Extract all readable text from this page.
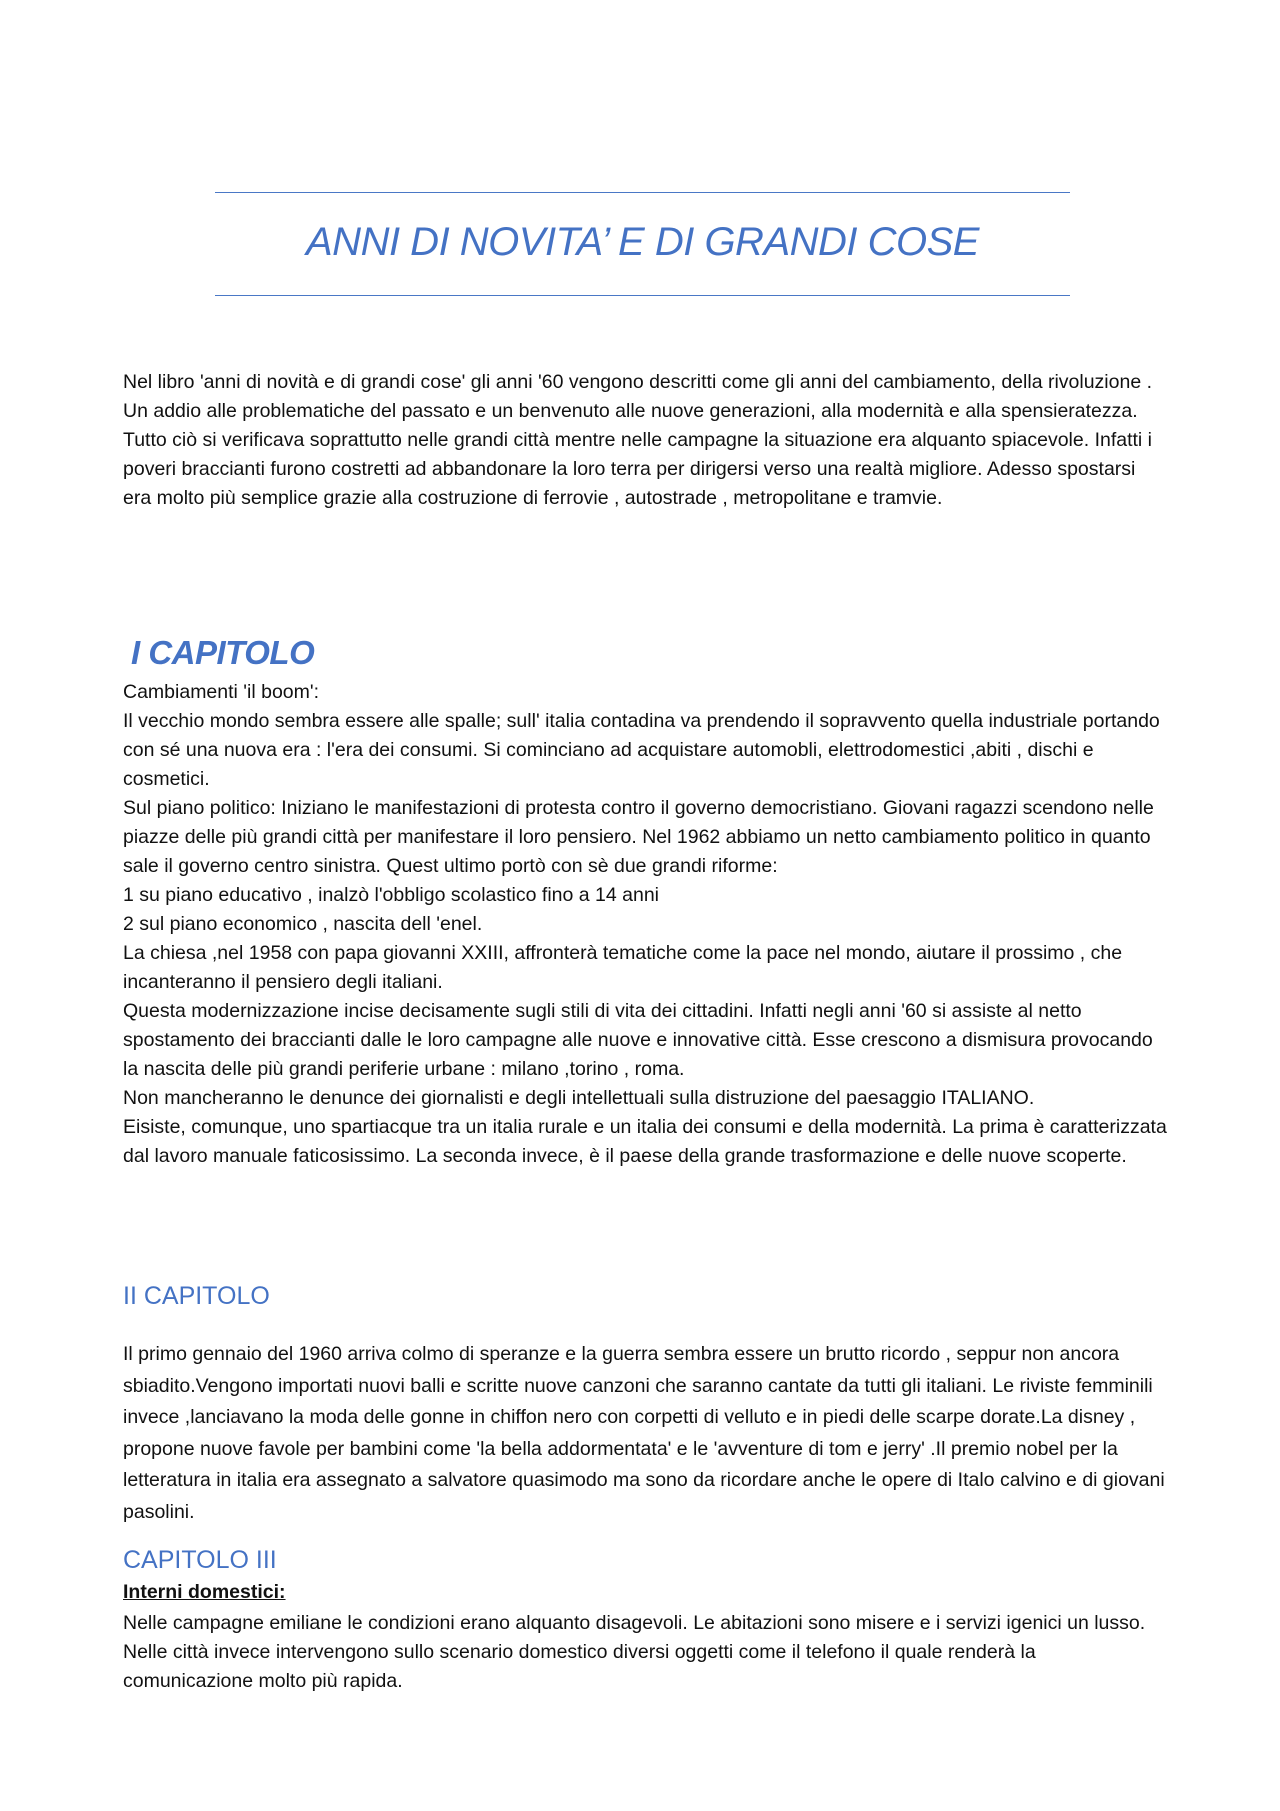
ANNI DI NOVITA’ E DI GRANDI COSE

Nel libro 'anni di novità e di grandi cose' gli anni '60 vengono descritti come gli anni del cambiamento, della rivoluzione . Un addio alle problematiche del passato e un benvenuto alle nuove generazioni, alla modernità e alla spensieratezza. Tutto ciò si verificava soprattutto nelle grandi città mentre nelle campagne la situazione era alquanto spiacevole. Infatti i poveri braccianti furono costretti ad abbandonare la loro terra per dirigersi verso una realtà migliore. Adesso spostarsi era molto più semplice grazie alla costruzione di ferrovie , autostrade , metropolitane e tramvie.

I CAPITOLO

Cambiamenti 'il boom':

Il vecchio mondo sembra essere alle spalle; sull' italia contadina va prendendo il sopravvento quella industriale portando con sé una nuova era : l'era dei consumi. Si cominciano ad acquistare automobli, elettrodomestici ,abiti , dischi e cosmetici.

Sul piano politico: Iniziano le manifestazioni di protesta contro il governo democristiano. Giovani ragazzi scendono nelle piazze delle più grandi città per manifestare il loro pensiero. Nel 1962 abbiamo un netto cambiamento politico in quanto sale il governo centro sinistra. Quest ultimo portò con sè due grandi riforme:

1 su piano educativo , inalzò l'obbligo scolastico fino a 14 anni

2 sul piano economico , nascita dell 'enel.

La chiesa ,nel 1958 con papa giovanni XXIII, affronterà tematiche come la pace nel mondo, aiutare il prossimo , che incanteranno il pensiero degli italiani.

Questa modernizzazione incise decisamente sugli stili di vita dei cittadini. Infatti negli anni '60 si assiste al netto spostamento dei braccianti dalle le loro campagne alle nuove e innovative città. Esse crescono a dismisura provocando la nascita delle più grandi periferie urbane : milano ,torino , roma.

Non mancheranno le denunce dei giornalisti e degli intellettuali sulla distruzione del paesaggio ITALIANO.

Eisiste, comunque, uno spartiacque tra un italia rurale e un italia dei consumi e della modernità. La prima è caratterizzata dal lavoro manuale faticosissimo. La seconda invece, è il paese della grande trasformazione e delle nuove scoperte.

II CAPITOLO

Il primo gennaio del 1960 arriva colmo di speranze e la guerra sembra essere un brutto ricordo , seppur non ancora sbiadito.Vengono importati nuovi balli e scritte nuove canzoni che saranno cantate da tutti gli italiani. Le riviste femminili invece ,lanciavano la moda delle gonne in chiffon nero con corpetti di velluto e in piedi delle scarpe dorate.La disney , propone nuove favole per bambini come 'la bella addormentata' e le 'avventure di tom e jerry' .Il premio nobel per la letteratura in italia era assegnato a salvatore quasimodo ma sono da ricordare anche le opere di Italo calvino e di giovani pasolini.

CAPITOLO III
Interni domestici:

Nelle campagne emiliane le condizioni erano alquanto disagevoli. Le abitazioni sono misere e i servizi igenici un lusso. Nelle città invece intervengono sullo scenario domestico diversi oggetti come il telefono il quale renderà la comunicazione molto più rapida.
